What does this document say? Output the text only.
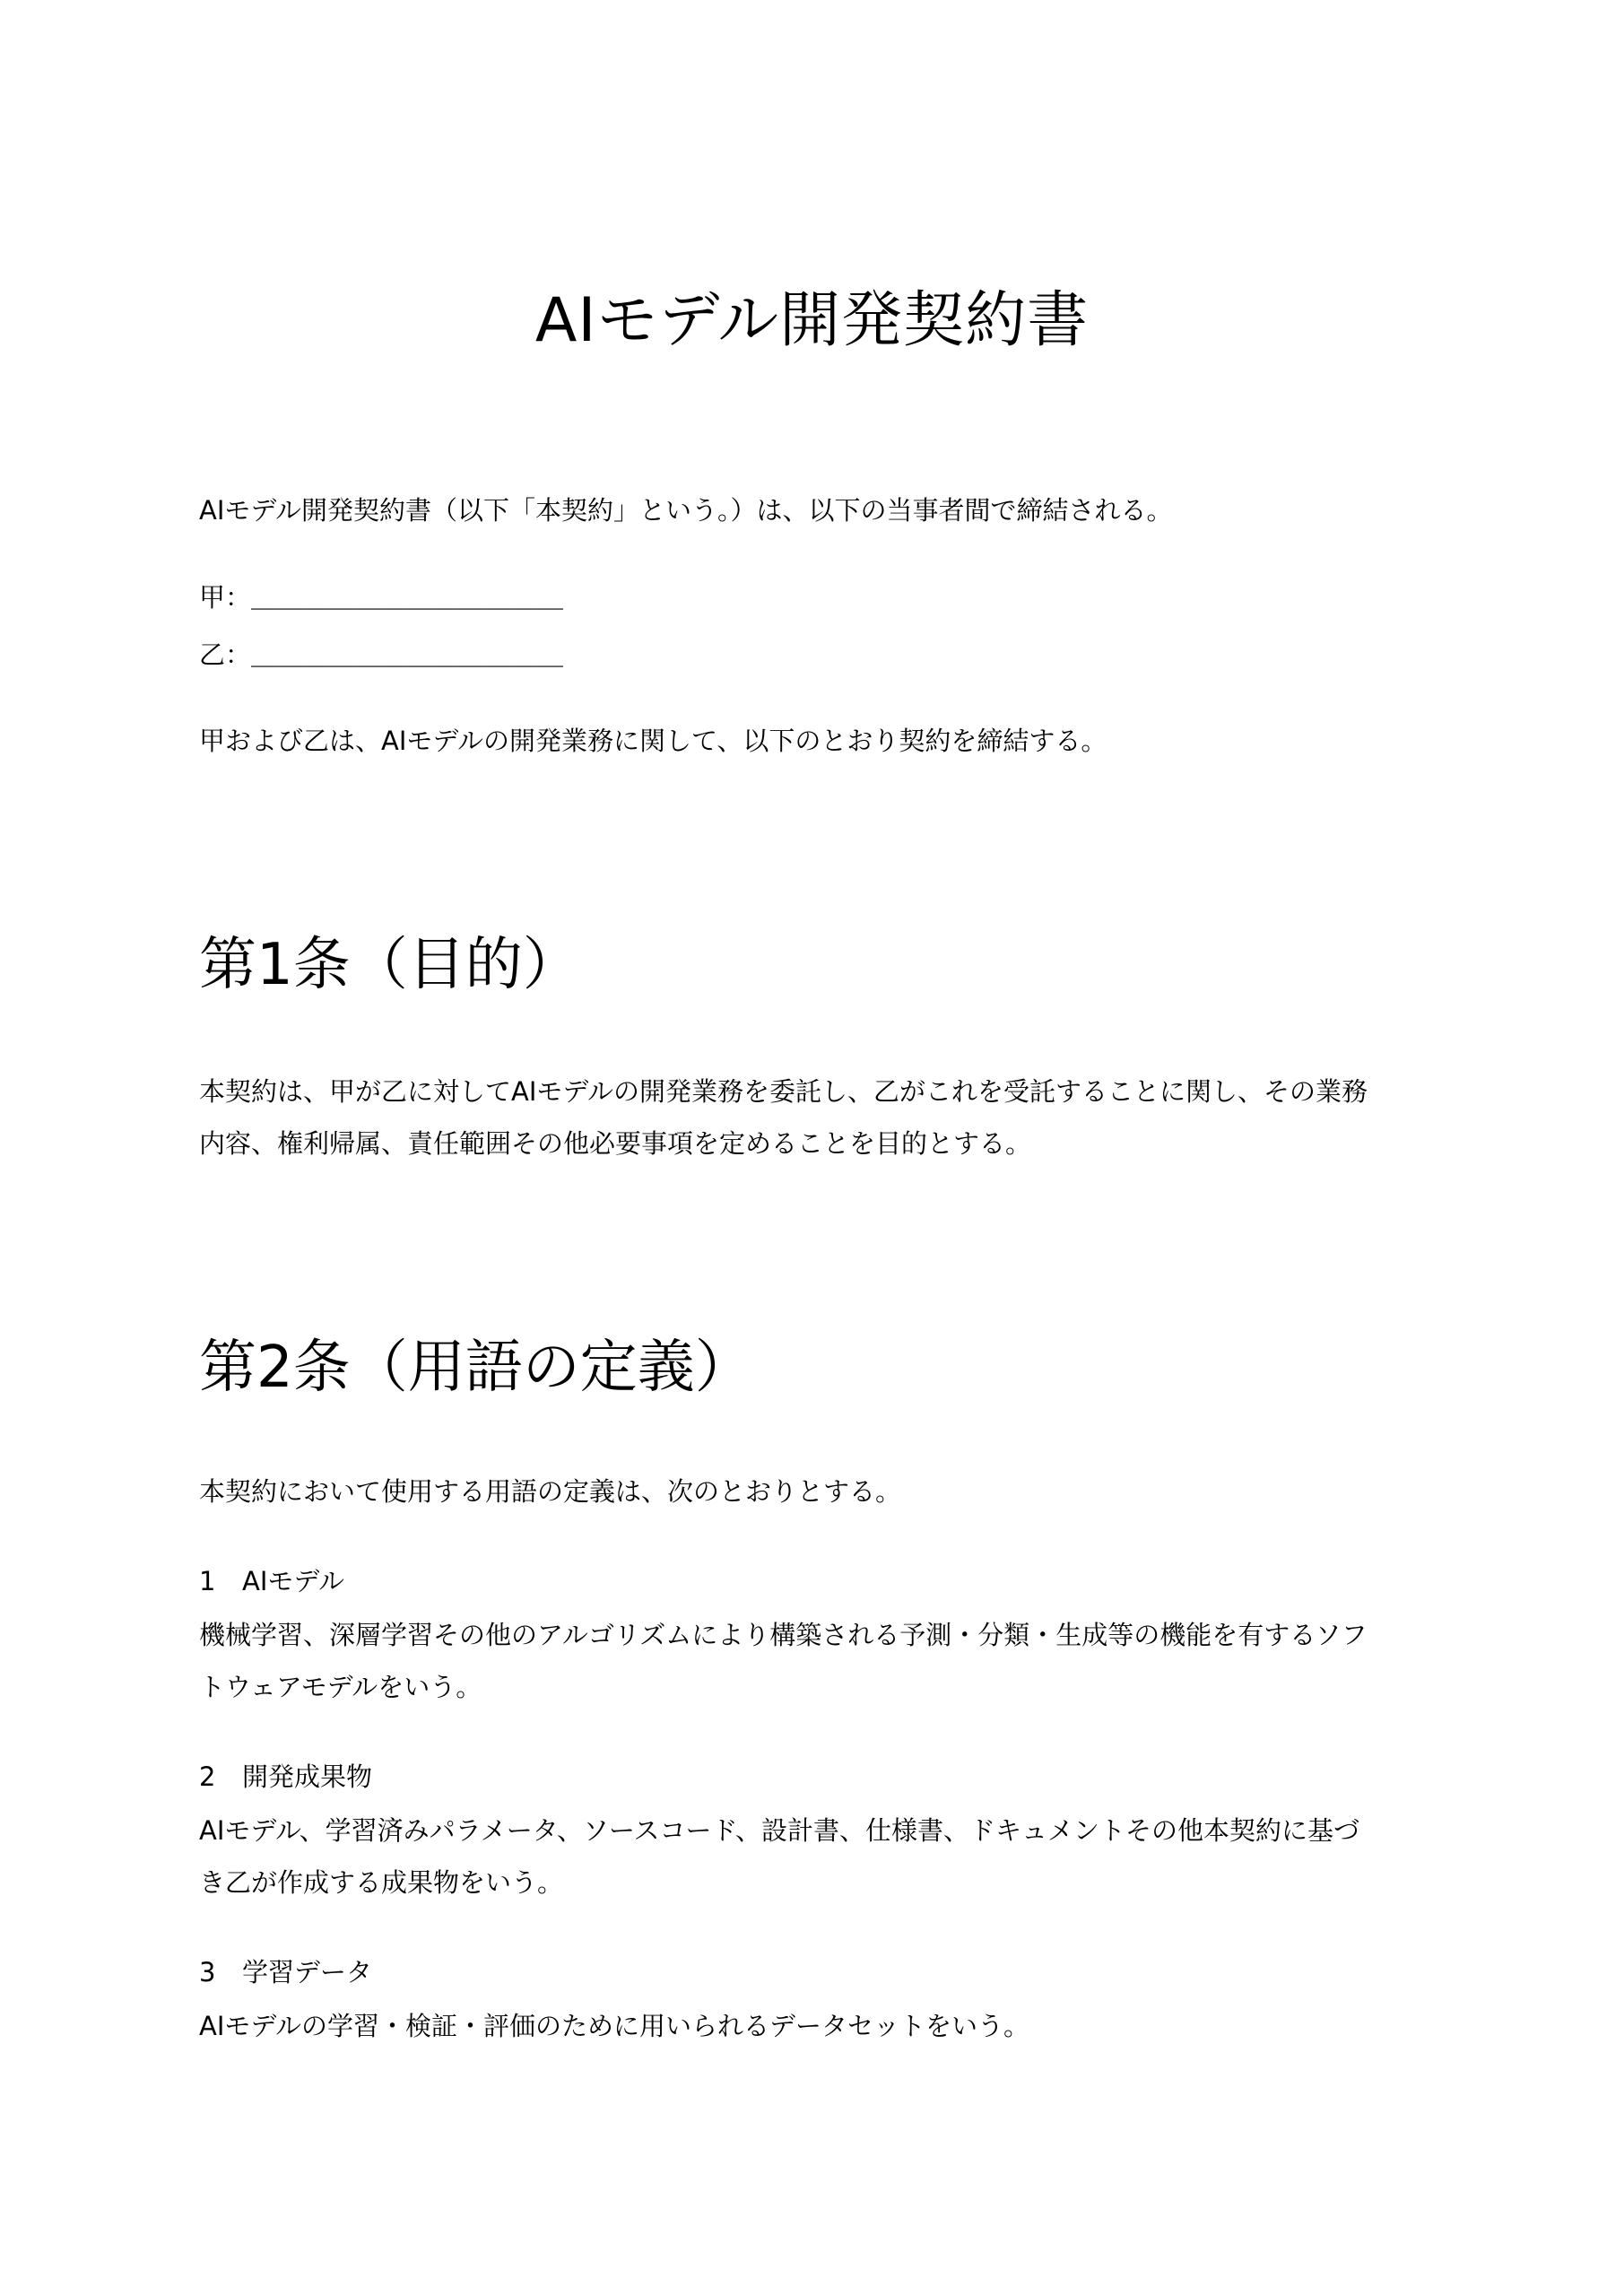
AIモデル開発契約書

AIモデル開発契約書（以下「本契約」という。）は、以下の当事者間で締結される。

甲：＿＿＿＿＿＿＿＿＿＿＿＿

乙：＿＿＿＿＿＿＿＿＿＿＿＿

甲および乙は、AIモデルの開発業務に関して、以下のとおり契約を締結する。

第1条（目的）

本契約は、甲が乙に対してAIモデルの開発業務を委託し、乙がこれを受託することに関し、その業務

内容、権利帰属、責任範囲その他必要事項を定めることを目的とする。

第2条（用語の定義）

本契約において使用する用語の定義は、次のとおりとする。

1 AIモデル

機械学習、深層学習その他のアルゴリズムにより構築される予測・分類・生成等の機能を有するソフ

トウェアモデルをいう。

2 開発成果物

AIモデル、学習済みパラメータ、ソースコード、設計書、仕様書、ドキュメントその他本契約に基づ

き乙が作成する成果物をいう。

3 学習データ

AIモデルの学習・検証・評価のために用いられるデータセットをいう。
